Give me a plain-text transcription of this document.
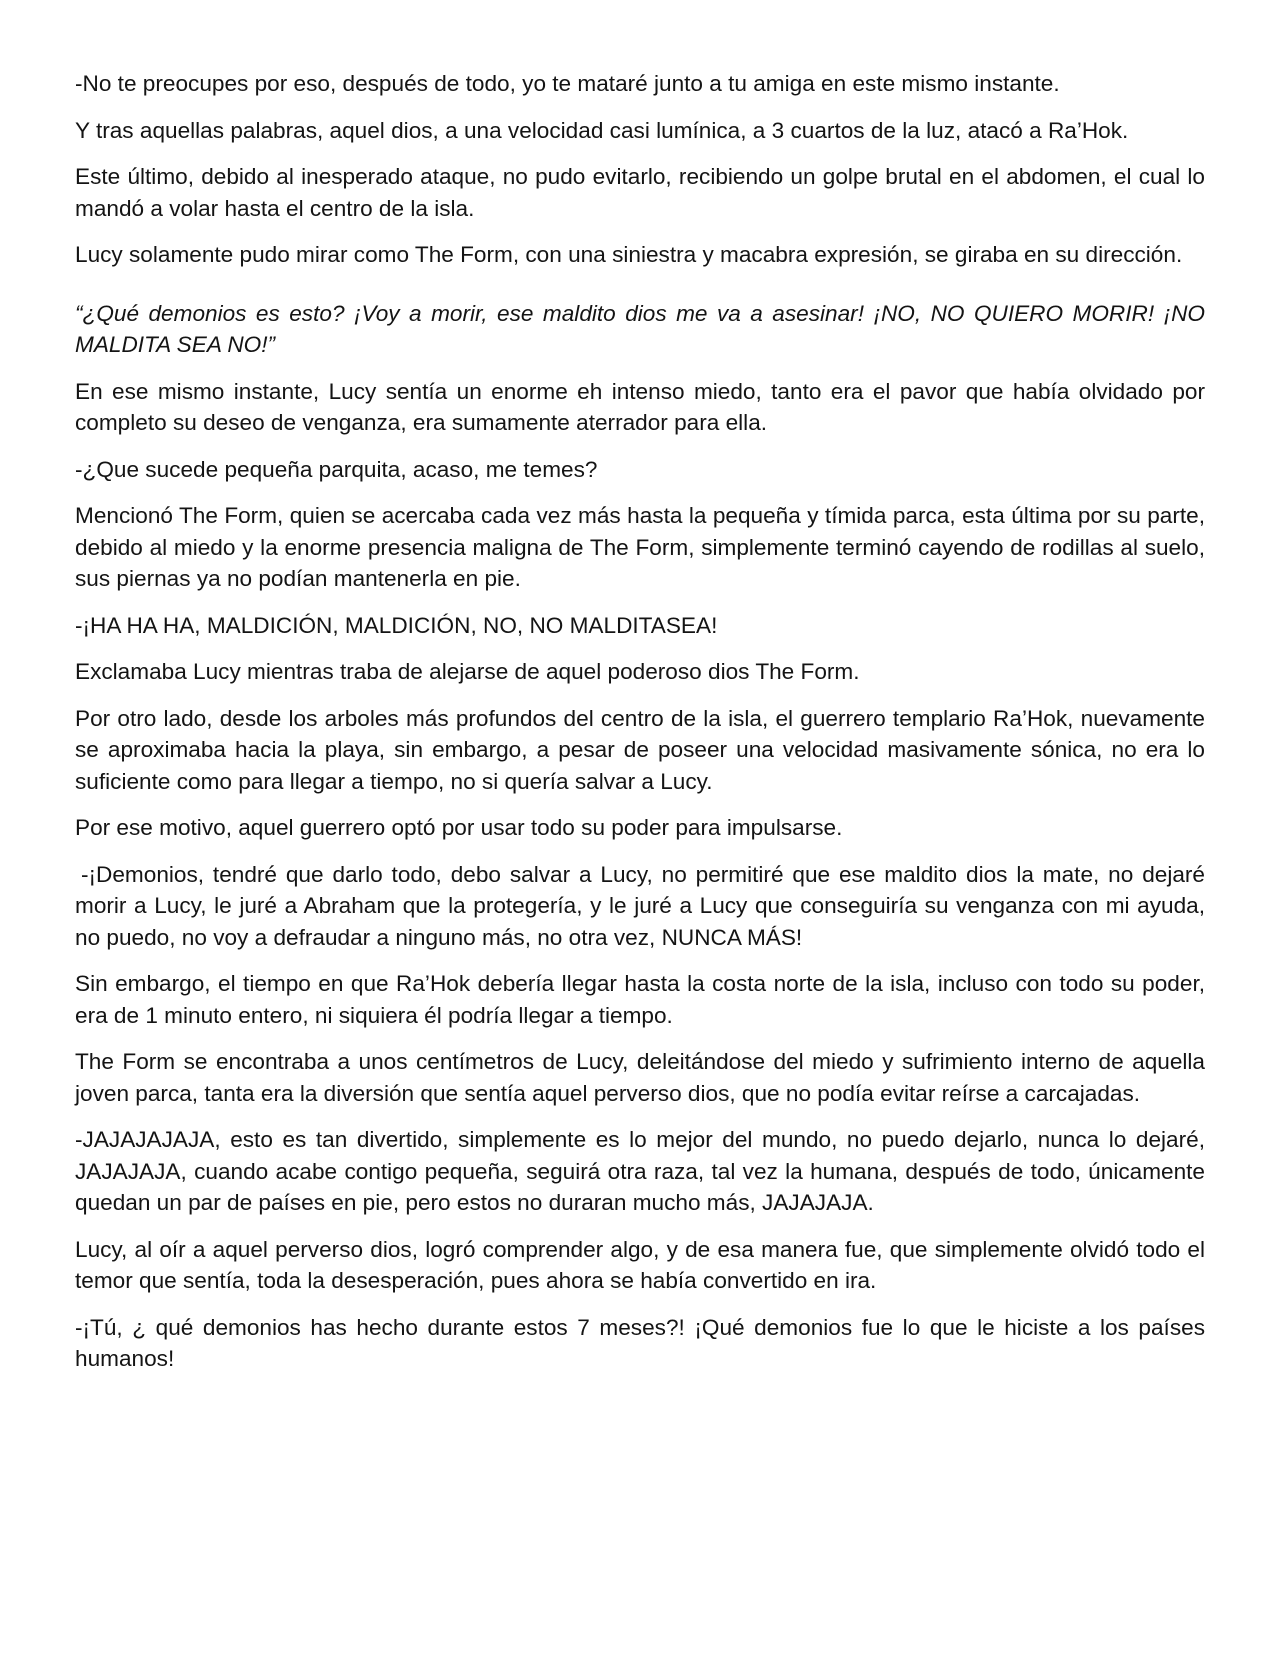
-No te preocupes por eso, después de todo, yo te mataré junto a tu amiga en este mismo instante.

Y tras aquellas palabras, aquel dios, a una velocidad casi lumínica, a 3 cuartos de la luz, atacó a Ra’Hok.

Este último, debido al inesperado ataque, no pudo evitarlo, recibiendo un golpe brutal en el abdomen, el cual lo mandó a volar hasta el centro de la isla.

Lucy solamente pudo mirar como The Form, con una siniestra y macabra expresión, se giraba en su dirección.

“¿Qué demonios es esto? ¡Voy a morir, ese maldito dios me va a asesinar! ¡NO, NO QUIERO MORIR! ¡NO MALDITA SEA NO!”

En ese mismo instante, Lucy sentía un enorme eh intenso miedo, tanto era el pavor que había olvidado por completo su deseo de venganza, era sumamente aterrador para ella.

-¿Que sucede pequeña parquita, acaso, me temes?

Mencionó The Form, quien se acercaba cada vez más hasta la pequeña y tímida parca, esta última por su parte, debido al miedo y la enorme presencia maligna de The Form, simplemente terminó cayendo de rodillas al suelo, sus piernas ya no podían mantenerla en pie.

-¡HA HA HA, MALDICIÓN, MALDICIÓN, NO, NO MALDITASEA!

Exclamaba Lucy mientras traba de alejarse de aquel poderoso dios The Form.

Por otro lado, desde los arboles más profundos del centro de la isla, el guerrero templario Ra’Hok, nuevamente se aproximaba hacia la playa, sin embargo, a pesar de poseer una velocidad masivamente sónica, no era lo suficiente como para llegar a tiempo, no si quería salvar a Lucy.

Por ese motivo, aquel guerrero optó por usar todo su poder para impulsarse.

-¡Demonios, tendré que darlo todo, debo salvar a Lucy, no permitiré que ese maldito dios la mate, no dejaré morir a Lucy, le juré a Abraham que la protegería, y le juré a Lucy que conseguiría su venganza con mi ayuda, no puedo, no voy a defraudar a ninguno más, no otra vez, NUNCA MÁS!

Sin embargo, el tiempo en que Ra’Hok debería llegar hasta la costa norte de la isla, incluso con todo su poder, era de 1 minuto entero, ni siquiera él podría llegar a tiempo.

The Form se encontraba a unos centímetros de Lucy, deleitándose del miedo y sufrimiento interno de aquella joven parca, tanta era la diversión que sentía aquel perverso dios, que no podía evitar reírse a carcajadas.

-JAJAJAJAJA, esto es tan divertido, simplemente es lo mejor del mundo, no puedo dejarlo, nunca lo dejaré, JAJAJAJA, cuando acabe contigo pequeña, seguirá otra raza, tal vez la humana, después de todo, únicamente quedan un par de países en pie, pero estos no duraran mucho más, JAJAJAJA.

Lucy, al oír a aquel perverso dios, logró comprender algo, y de esa manera fue, que simplemente olvidó todo el temor que sentía, toda la desesperación, pues ahora se había convertido en ira.

-¡Tú, ¿ qué demonios has hecho durante estos 7 meses?! ¡Qué demonios fue lo que le hiciste a los países humanos!
